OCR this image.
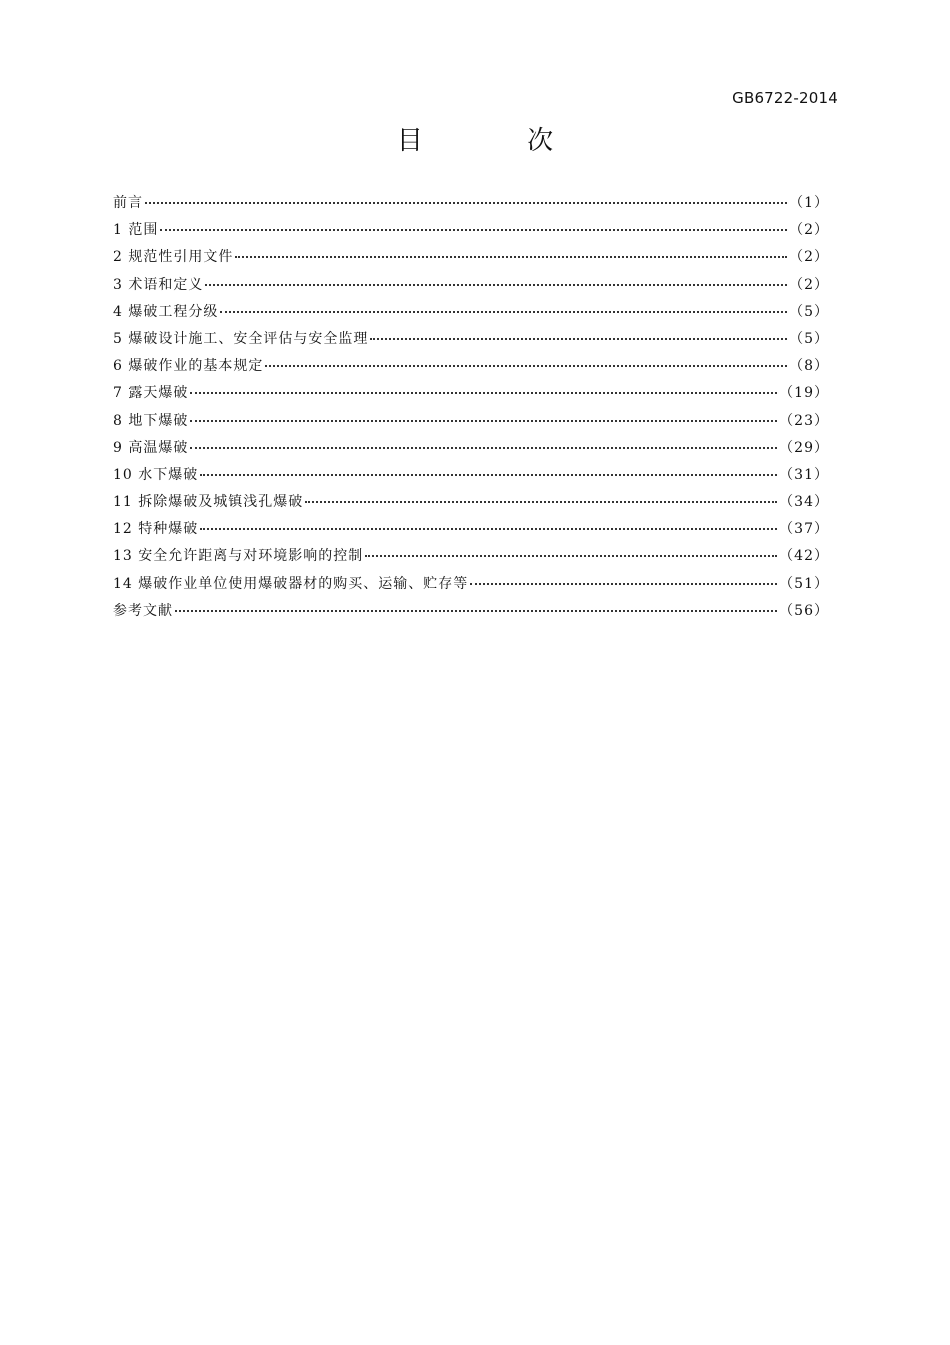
GB6722-2014
目 次
前言	（1）
1 范围	（2）
2 规范性引用文件	（2）
3 术语和定义	（2）
4 爆破工程分级	（5）
5 爆破设计施工、安全评估与安全监理	（5）
6 爆破作业的基本规定	（8）
7 露天爆破	（19）
8 地下爆破	（23）
9 高温爆破	（29）
10 水下爆破	（31）
11 拆除爆破及城镇浅孔爆破	（34）
12 特种爆破	（37）
13 安全允许距离与对环境影响的控制	（42）
14 爆破作业单位使用爆破器材的购买、运输、贮存等	（51）
参考文献	（56）
